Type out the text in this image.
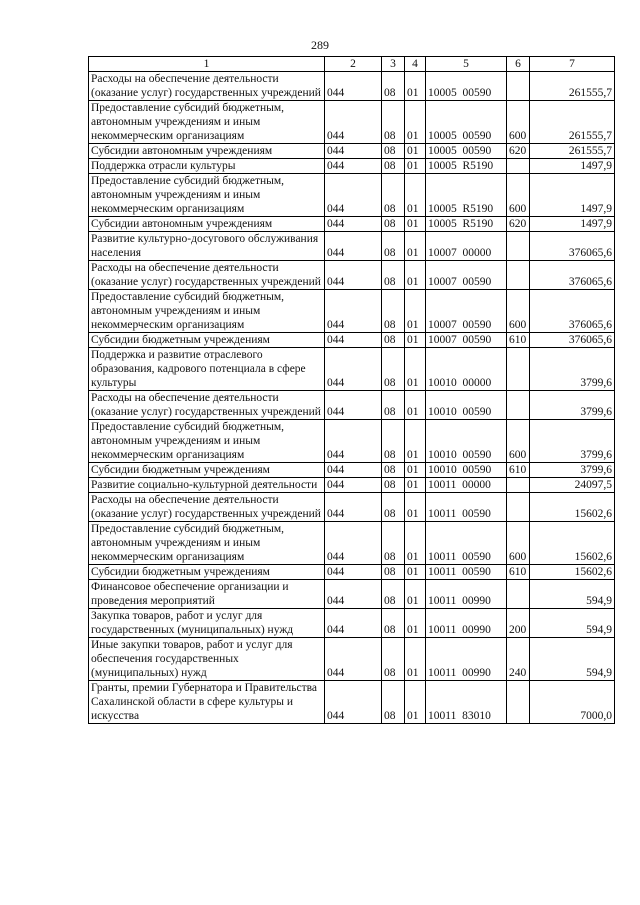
289
1	2	3	4	5	6	7
Расходы на обеспечение деятельности (оказание услуг) государственных учреждений	044	08	01	10005  00590		261555,7
Предоставление субсидий бюджетным, автономным учреждениям и иным некоммерческим организациям	044	08	01	10005  00590	600	261555,7
Субсидии автономным учреждениям	044	08	01	10005  00590	620	261555,7
Поддержка отрасли культуры	044	08	01	10005  R5190		1497,9
Предоставление субсидий бюджетным, автономным учреждениям и иным некоммерческим организациям	044	08	01	10005  R5190	600	1497,9
Субсидии автономным учреждениям	044	08	01	10005  R5190	620	1497,9
Развитие культурно-досугового обслуживания населения	044	08	01	10007  00000		376065,6
Расходы на обеспечение деятельности (оказание услуг) государственных учреждений	044	08	01	10007  00590		376065,6
Предоставление субсидий бюджетным, автономным учреждениям и иным некоммерческим организациям	044	08	01	10007  00590	600	376065,6
Субсидии бюджетным учреждениям	044	08	01	10007  00590	610	376065,6
Поддержка и развитие отраслевого образования, кадрового потенциала в сфере культуры	044	08	01	10010  00000		3799,6
Расходы на обеспечение деятельности (оказание услуг) государственных учреждений	044	08	01	10010  00590		3799,6
Предоставление субсидий бюджетным, автономным учреждениям и иным некоммерческим организациям	044	08	01	10010  00590	600	3799,6
Субсидии бюджетным учреждениям	044	08	01	10010  00590	610	3799,6
Развитие социально-культурной деятельности	044	08	01	10011  00000		24097,5
Расходы на обеспечение деятельности (оказание услуг) государственных учреждений	044	08	01	10011  00590		15602,6
Предоставление субсидий бюджетным, автономным учреждениям и иным некоммерческим организациям	044	08	01	10011  00590	600	15602,6
Субсидии бюджетным учреждениям	044	08	01	10011  00590	610	15602,6
Финансовое обеспечение организации и проведения мероприятий	044	08	01	10011  00990		594,9
Закупка товаров, работ и услуг для государственных (муниципальных) нужд	044	08	01	10011  00990	200	594,9
Иные закупки товаров, работ и услуг для обеспечения государственных (муниципальных) нужд	044	08	01	10011  00990	240	594,9
Гранты, премии Губернатора и Правительства Сахалинской области в сфере культуры и искусства	044	08	01	10011  83010		7000,0
